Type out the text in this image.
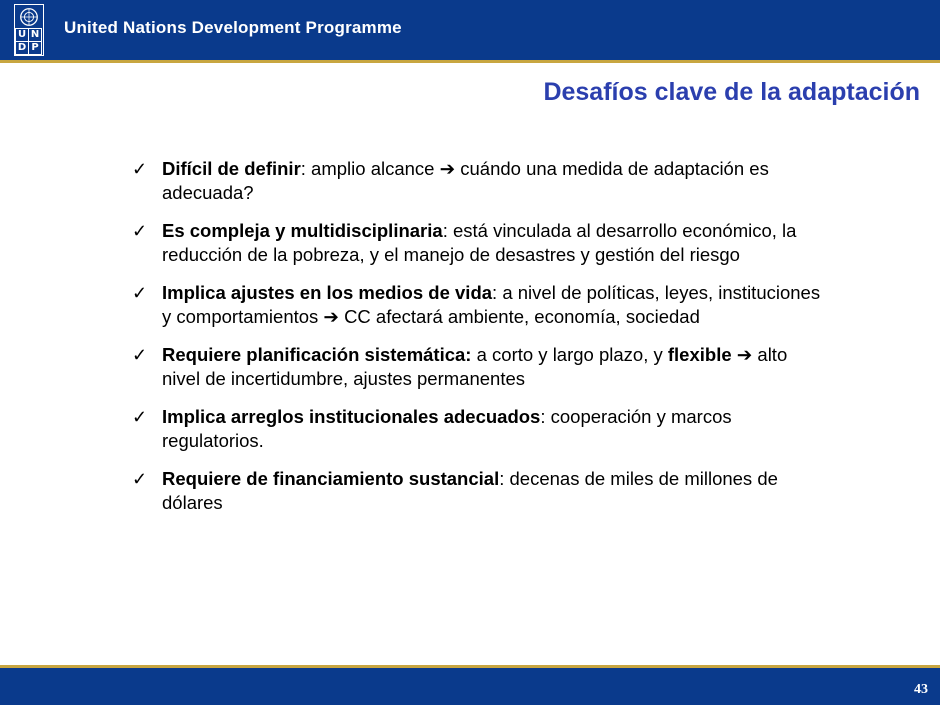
U N
D P
United Nations Development Programme
Desafíos clave de la adaptación
✓ Difícil de definir: amplio alcance ➔ cuándo una medida de adaptación es adecuada?
✓ Es compleja y multidisciplinaria: está vinculada al desarrollo económico, la reducción de la pobreza, y el manejo de desastres y gestión del riesgo
✓ Implica ajustes en los medios de vida: a nivel de políticas, leyes, instituciones y comportamientos ➔ CC afectará ambiente, economía, sociedad
✓ Requiere planificación sistemática: a corto y largo plazo, y flexible ➔ alto nivel de incertidumbre, ajustes permanentes
✓ Implica arreglos institucionales adecuados: cooperación y marcos regulatorios.
✓ Requiere de financiamiento sustancial: decenas de miles de millones de dólares
43
